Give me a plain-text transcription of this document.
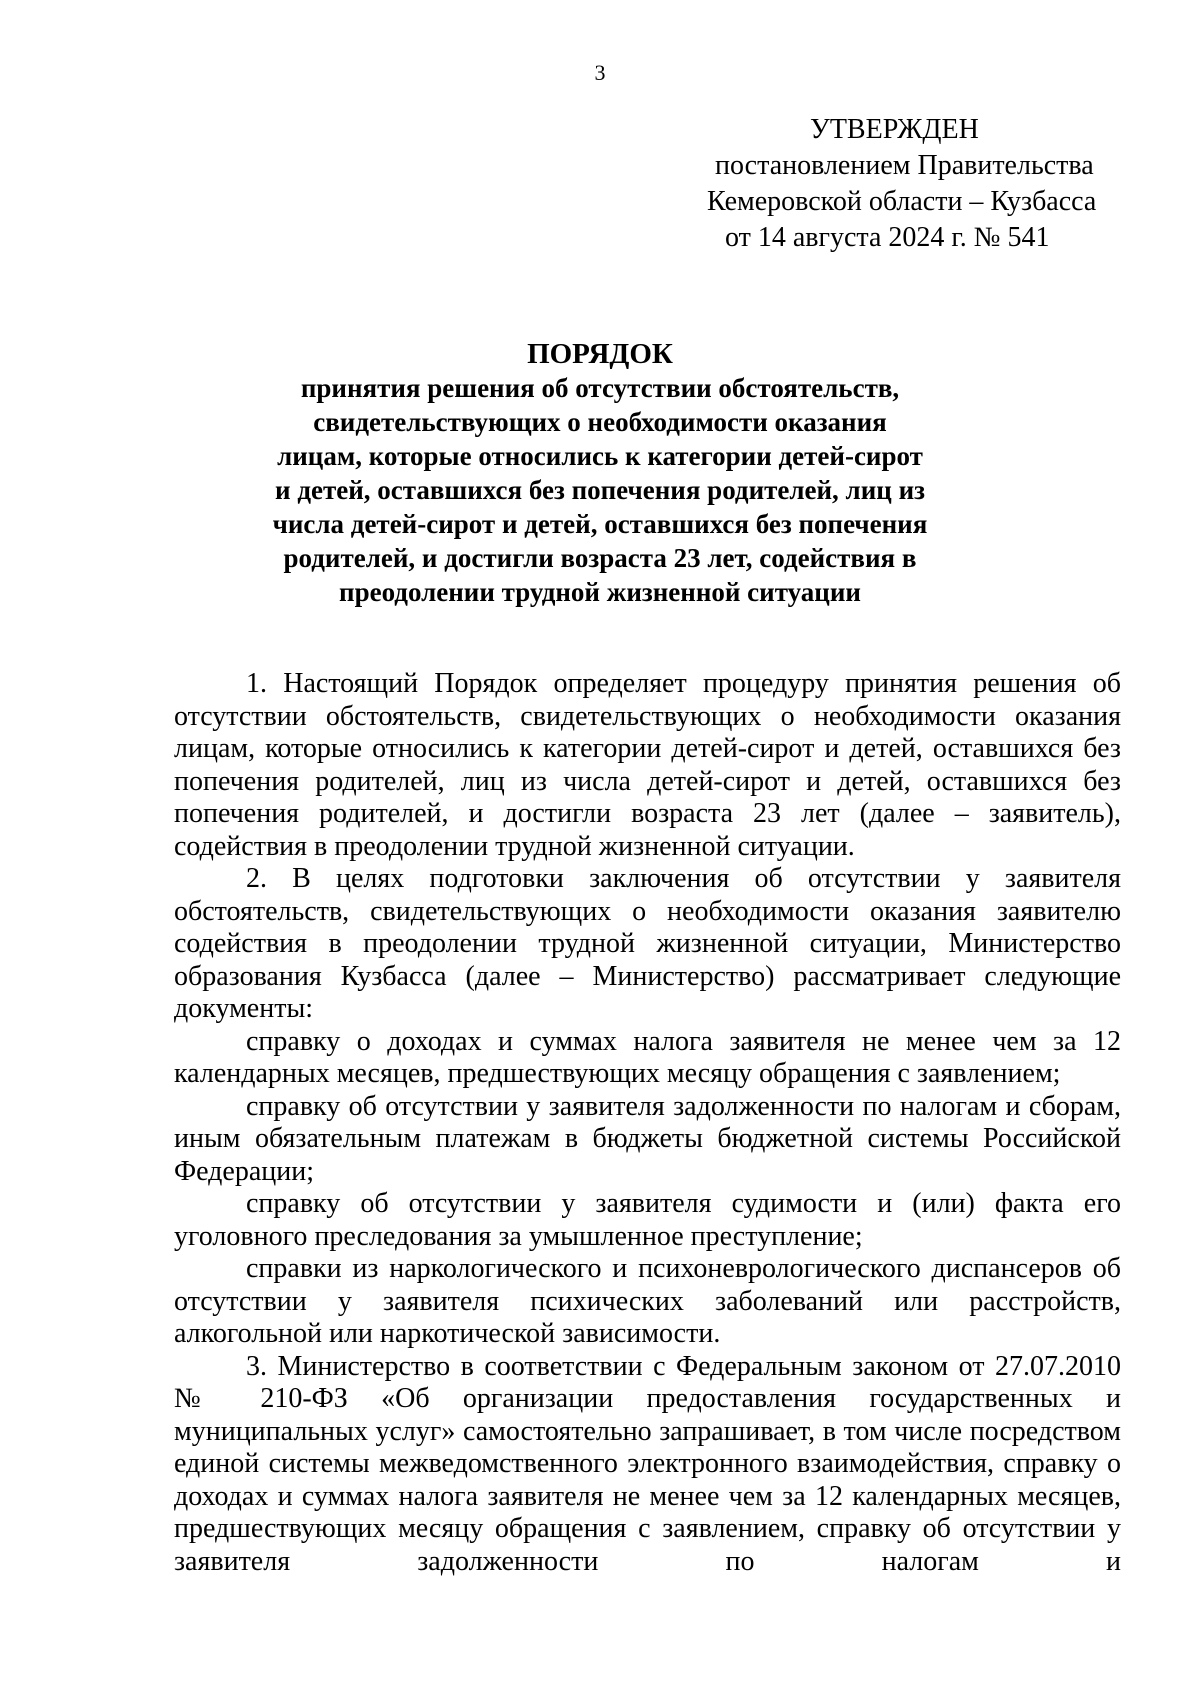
3
УТВЕРЖДЕН
постановлением Правительства
Кемеровской области – Кузбасса
от 14 августа 2024 г. № 541
ПОРЯДОК
принятия решения об отсутствии обстоятельств,
свидетельствующих о необходимости оказания
лицам, которые относились к категории детей-сирот
и детей, оставшихся без попечения родителей, лиц из
числа детей-сирот и детей, оставшихся без попечения
родителей, и достигли возраста 23 лет, содействия в
преодолении трудной жизненной ситуации

1. Настоящий Порядок определяет процедуру принятия решения об отсутствии обстоятельств, свидетельствующих о необходимости оказания лицам, которые относились к категории детей-сирот и детей, оставшихся без попечения родителей, лиц из числа детей-сирот и детей, оставшихся без попечения родителей, и достигли возраста 23 лет (далее – заявитель), содействия в преодолении трудной жизненной ситуации.

2. В целях подготовки заключения об отсутствии у заявителя обстоятельств, свидетельствующих о необходимости оказания заявителю содействия в преодолении трудной жизненной ситуации, Министерство образования Кузбасса (далее – Министерство) рассматривает следующие документы:

справку о доходах и суммах налога заявителя не менее чем за 12 календарных месяцев, предшествующих месяцу обращения с заявлением;

справку об отсутствии у заявителя задолженности по налогам и сборам, иным обязательным платежам в бюджеты бюджетной системы Российской Федерации;

справку об отсутствии у заявителя судимости и (или) факта его уголовного преследования за умышленное преступление;

справки из наркологического и психоневрологического диспансеров об отсутствии у заявителя психических заболеваний или расстройств, алкогольной или наркотической зависимости.

3. Министерство в соответствии с Федеральным законом от 27.07.2010 № 210-ФЗ «Об организации предоставления государственных и муниципальных услуг» самостоятельно запрашивает, в том числе посредством единой системы межведомственного электронного взаимодействия, справку о доходах и суммах налога заявителя не менее чем за 12 календарных месяцев, предшествующих месяцу обращения с заявлением, справку об отсутствии у заявителя задолженности по налогам и
